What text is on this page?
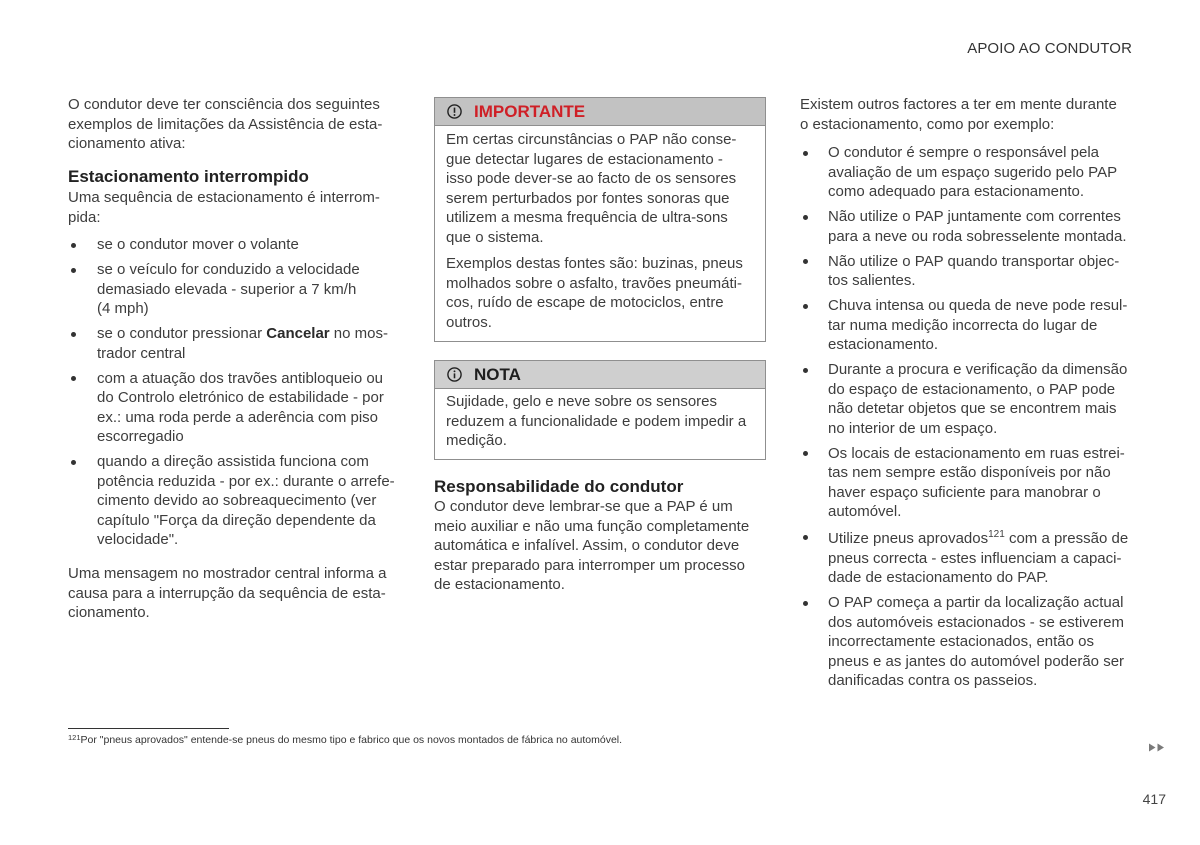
APOIO AO CONDUTOR

O condutor deve ter consciência dos seguintes
exemplos de limitações da Assistência de esta-
cionamento ativa:

Estacionamento interrompido

Uma sequência de estacionamento é interrom-
pida:

se o condutor mover o volante
se o veículo for conduzido a velocidade
demasiado elevada - superior a 7 km/h
(4 mph)
se o condutor pressionar Cancelar no mos-
trador central
com a atuação dos travões antibloqueio ou
do Controlo eletrónico de estabilidade - por
ex.: uma roda perde a aderência com piso
escorregadio
quando a direção assistida funciona com
potência reduzida - por ex.: durante o arrefe-
cimento devido ao sobreaquecimento (ver
capítulo "Força da direção dependente da
velocidade".

Uma mensagem no mostrador central informa a
causa para a interrupção da sequência de esta-
cionamento.

IMPORTANTE

Em certas circunstâncias o PAP não conse-
gue detectar lugares de estacionamento -
isso pode dever-se ao facto de os sensores
serem perturbados por fontes sonoras que
utilizem a mesma frequência de ultra-sons
que o sistema.

Exemplos destas fontes são: buzinas, pneus
molhados sobre o asfalto, travões pneumáti-
cos, ruído de escape de motociclos, entre
outros.

NOTA

Sujidade, gelo e neve sobre os sensores
reduzem a funcionalidade e podem impedir a
medição.

Responsabilidade do condutor

O condutor deve lembrar-se que a PAP é um
meio auxiliar e não uma função completamente
automática e infalível. Assim, o condutor deve
estar preparado para interromper um processo
de estacionamento.

Existem outros factores a ter em mente durante
o estacionamento, como por exemplo:

O condutor é sempre o responsável pela
avaliação de um espaço sugerido pelo PAP
como adequado para estacionamento.
Não utilize o PAP juntamente com correntes
para a neve ou roda sobresselente montada.
Não utilize o PAP quando transportar objec-
tos salientes.
Chuva intensa ou queda de neve pode resul-
tar numa medição incorrecta do lugar de
estacionamento.
Durante a procura e verificação da dimensão
do espaço de estacionamento, o PAP pode
não detetar objetos que se encontrem mais
no interior de um espaço.
Os locais de estacionamento em ruas estrei-
tas nem sempre estão disponíveis por não
haver espaço suficiente para manobrar o
automóvel.
Utilize pneus aprovados$^{121}$ com a pressão de
pneus correcta - estes influenciam a capaci-
dade de estacionamento do PAP.
O PAP começa a partir da localização actual
dos automóveis estacionados - se estiverem
incorrectamente estacionados, então os
pneus e as jantes do automóvel poderão ser
danificadas contra os passeios.

$^{121}$Por "pneus aprovados" entende-se pneus do mesmo tipo e fabrico que os novos montados de fábrica no automóvel.

417
